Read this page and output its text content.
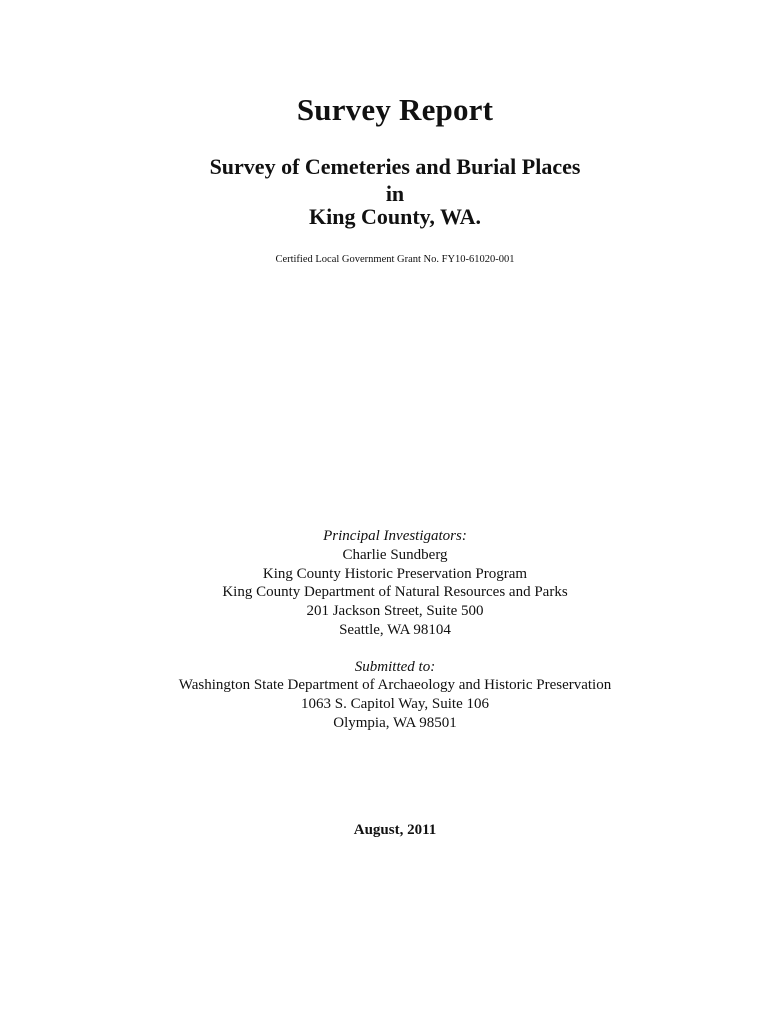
Survey Report
Survey of Cemeteries and Burial Places
in
King County, WA.
Certified Local Government Grant No. FY10-61020-001
Principal Investigators:
Charlie Sundberg
King County Historic Preservation Program
King County Department of Natural Resources and Parks
201 Jackson Street, Suite 500
Seattle, WA 98104
Submitted to:
Washington State Department of Archaeology and Historic Preservation
1063 S. Capitol Way, Suite 106
Olympia, WA 98501
August, 2011
